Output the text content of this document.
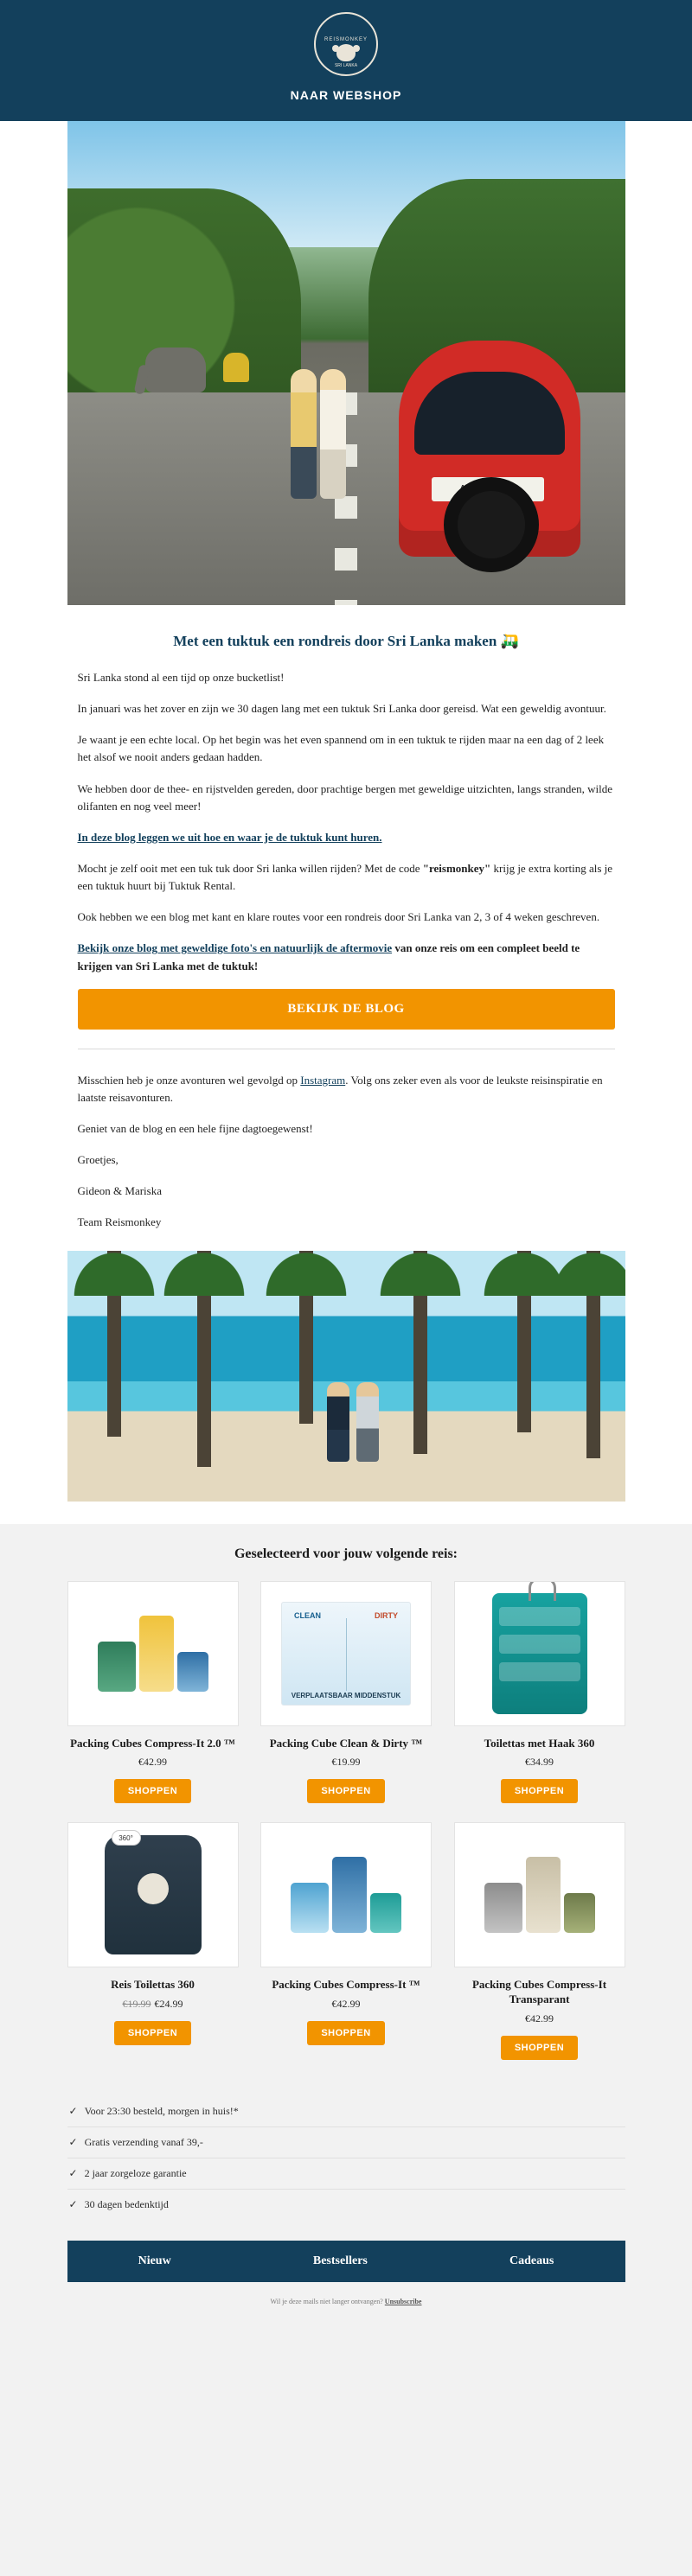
REISMONKEY
SRI LANKA
NAAR WEBSHOP
Met een tuktuk een rondreis door Sri Lanka maken 🛺

Sri Lanka stond al een tijd op onze bucketlist!

In januari was het zover en zijn we 30 dagen lang met een tuktuk Sri Lanka door gereisd. Wat een geweldig avontuur.

Je waant je een echte local. Op het begin was het even spannend om in een tuktuk te rijden maar na een dag of 2 leek het alsof we nooit anders gedaan hadden.

We hebben door de thee- en rijstvelden gereden, door prachtige bergen met geweldige uitzichten, langs stranden, wilde olifanten en nog veel meer!

In deze blog leggen we uit hoe en waar je de tuktuk kunt huren.

Mocht je zelf ooit met een tuk tuk door Sri lanka willen rijden? Met de code "reismonkey" krijg je extra korting als je een tuktuk huurt bij Tuktuk Rental.

Ook hebben we een blog met kant en klare routes voor een rondreis door Sri Lanka van 2, 3 of 4 weken geschreven.

Bekijk onze blog met geweldige foto's en natuurlijk de aftermovie van onze reis om een compleet beeld te krijgen van Sri Lanka met de tuktuk!

BEKIJK DE BLOG

Misschien heb je onze avonturen wel gevolgd op Instagram. Volg ons zeker even als voor de leukste reisinspiratie en laatste reisavonturen.

Geniet van de blog en een hele fijne dagtoegewenst!

Groetjes,

Gideon & Mariska

Team Reismonkey

Geselecteerd voor jouw volgende reis:
Packing Cubes Compress-It 2.0 ™
€42.99
SHOPPEN
CLEAN	DIRTY
VERPLAATSBAAR MIDDENSTUK
Packing Cube Clean & Dirty ™
€19.99
SHOPPEN
Toilettas met Haak 360
€34.99
SHOPPEN
360°
Reis Toilettas 360
€19.99 €24.99
SHOPPEN
Packing Cubes Compress-It ™
€42.99
SHOPPEN
Packing Cubes Compress-It Transparant
€42.99
SHOPPEN
✓ Voor 23:30 besteld, morgen in huis!*
✓ Gratis verzending vanaf 39,-
✓ 2 jaar zorgeloze garantie
✓ 30 dagen bedenktijd
Nieuw	Bestsellers	Cadeaus
Wil je deze mails niet langer ontvangen? Unsubscribe
